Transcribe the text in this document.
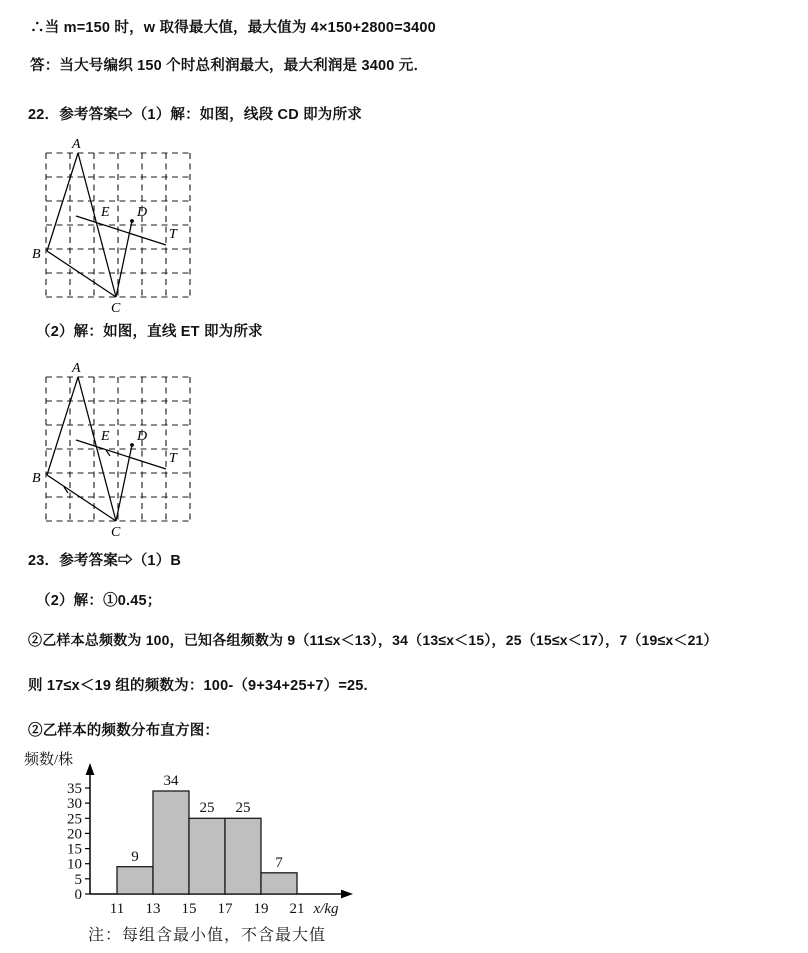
∴当 m=150 时，w 取得最大值，最大值为 4×150+2800=3400
答：当大号编织 150 个时总利润最大，最大利润是 3400 元．
22．参考答案⇨（1）解：如图，线段 CD 即为所求
A
B
C
E D
T
（2）解：如图，直线 ET 即为所求
A
B
C
E D
T
23．参考答案⇨（1）B
（2）解：①0.45；
②乙样本总频数为 100，已知各组频数为 9（11≤x＜13），34（13≤x＜15），25（15≤x＜17），7（19≤x＜21）
则 17≤x＜19 组的频数为：100-（9+34+25+7）=25.
②乙样本的频数分布直方图：
频数/株
0
5
10
15
20
25
30
35
9
34
25 25
7
11 13 15 17 19 21 x/kg
注：每组含最小值，不含最大值
